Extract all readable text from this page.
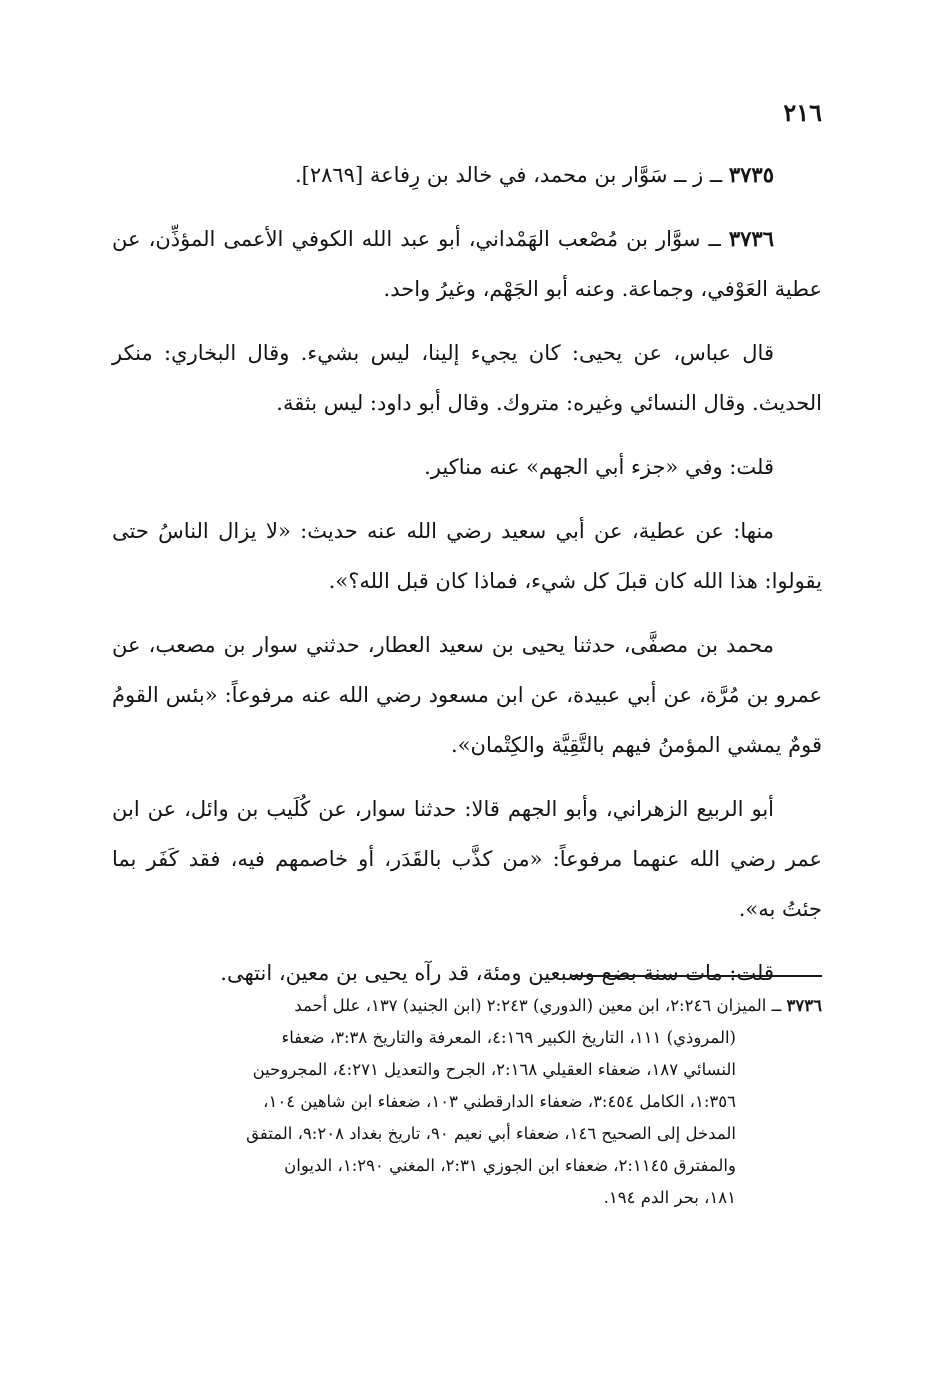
٢١٦

٣٧٣٥ ــ ز ــ سَوَّار بن محمد، في خالد بن رِفاعة [٢٨٦٩].

٣٧٣٦ ــ سوَّار بن مُصْعب الهَمْداني، أبو عبد الله الكوفي الأعمى المؤذِّن، عن عطية العَوْفي، وجماعة. وعنه أبو الجَهْم، وغيرُ واحد.

قال عباس، عن يحيى: كان يجيء إلينا، ليس بشيء. وقال البخاري: منكر الحديث. وقال النسائي وغيره: متروك. وقال أبو داود: ليس بثقة.

قلت: وفي «جزء أبي الجهم» عنه مناكير.

منها: عن عطية، عن أبي سعيد رضي الله عنه حديث: «لا يزال الناسُ حتى يقولوا: هذا الله كان قبلَ كل شيء، فماذا كان قبل الله؟».

محمد بن مصفَّى، حدثنا يحيى بن سعيد العطار، حدثني سوار بن مصعب، عن عمرو بن مُرَّة، عن أبي عبيدة، عن ابن مسعود رضي الله عنه مرفوعاً: «بئس القومُ قومٌ يمشي المؤمنُ فيهم بالتَّقِيَّة والكِتْمان».

أبو الربيع الزهراني، وأبو الجهم قالا: حدثنا سوار، عن كُلَيب بن وائل، عن ابن عمر رضي الله عنهما مرفوعاً: «من كذَّب بالقَدَر، أو خاصمهم فيه، فقد كَفَر بما جئتُ به».

قلت: مات سنة بضع وسبعين ومئة، قد رآه يحيى بن معين، انتهى.

٣٧٣٦ ــ الميزان ٢:٢٤٦، ابن معين (الدوري) ٢:٢٤٣ (ابن الجنيد) ١٣٧، علل أحمد

(المروذي) ١١١، التاريخ الكبير ٤:١٦٩، المعرفة والتاريخ ٣:٣٨، ضعفاء

النسائي ١٨٧، ضعفاء العقيلي ٢:١٦٨، الجرح والتعديل ٤:٢٧١، المجروحين

١:٣٥٦، الكامل ٣:٤٥٤، ضعفاء الدارقطني ١٠٣، ضعفاء ابن شاهين ١٠٤،

المدخل إلى الصحيح ١٤٦، ضعفاء أبي نعيم ٩٠، تاريخ بغداد ٩:٢٠٨، المتفق

والمفترق ٢:١١٤٥، ضعفاء ابن الجوزي ٢:٣١، المغني ١:٢٩٠، الديوان

١٨١، بحر الدم ١٩٤.
